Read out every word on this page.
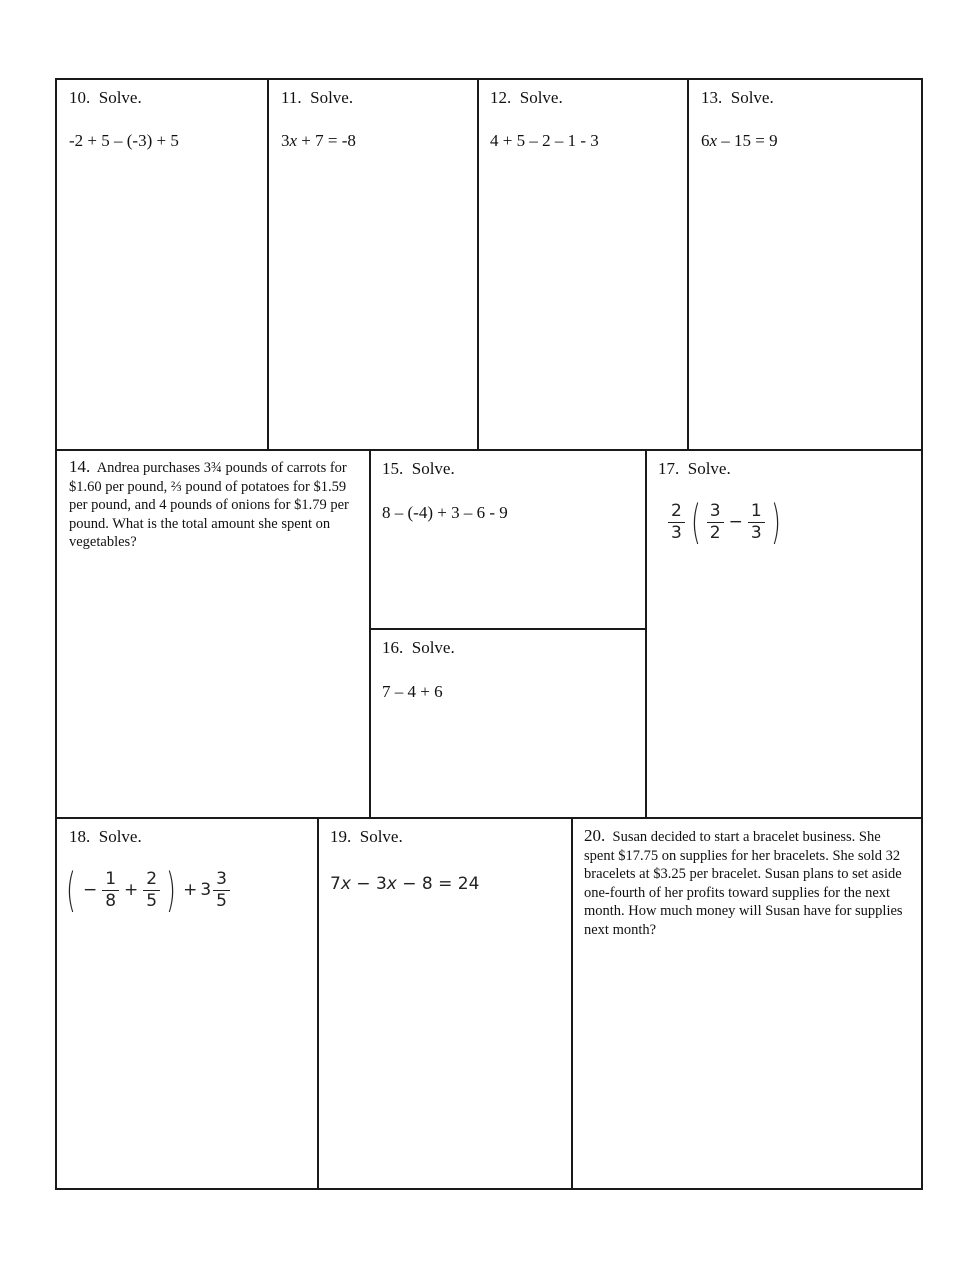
10. Solve.
-2 + 5 – (-3) + 5
11. Solve.
3x + 7 = -8
12. Solve.
4 + 5 – 2 – 1 - 3
13. Solve.
6x – 15 = 9
14. Andrea purchases 3¾ pounds of carrots for $1.60 per pound, ⅔ pound of potatoes for $1.59 per pound, and 4 pounds of onions for $1.79 per pound. What is the total amount she spent on vegetables?
15. Solve.
8 – (-4) + 3 – 6 - 9
16. Solve.
7 – 4 + 6
17. Solve.
$\frac{2}{3}$ ( $\frac{3}{2} - \frac{1}{3}$ )
18. Solve.
( − $\frac{1}{8} + \frac{2}{5}$ ) + $3 \frac{3}{5}$
19. Solve.
7 x − 3 x − 8 = 24
20. Susan decided to start a bracelet business. She spent $17.75 on supplies for her bracelets. She sold 32 bracelets at $3.25 per bracelet. Susan plans to set aside one-fourth of her profits toward supplies for the next month. How much money will Susan have for supplies next month?
